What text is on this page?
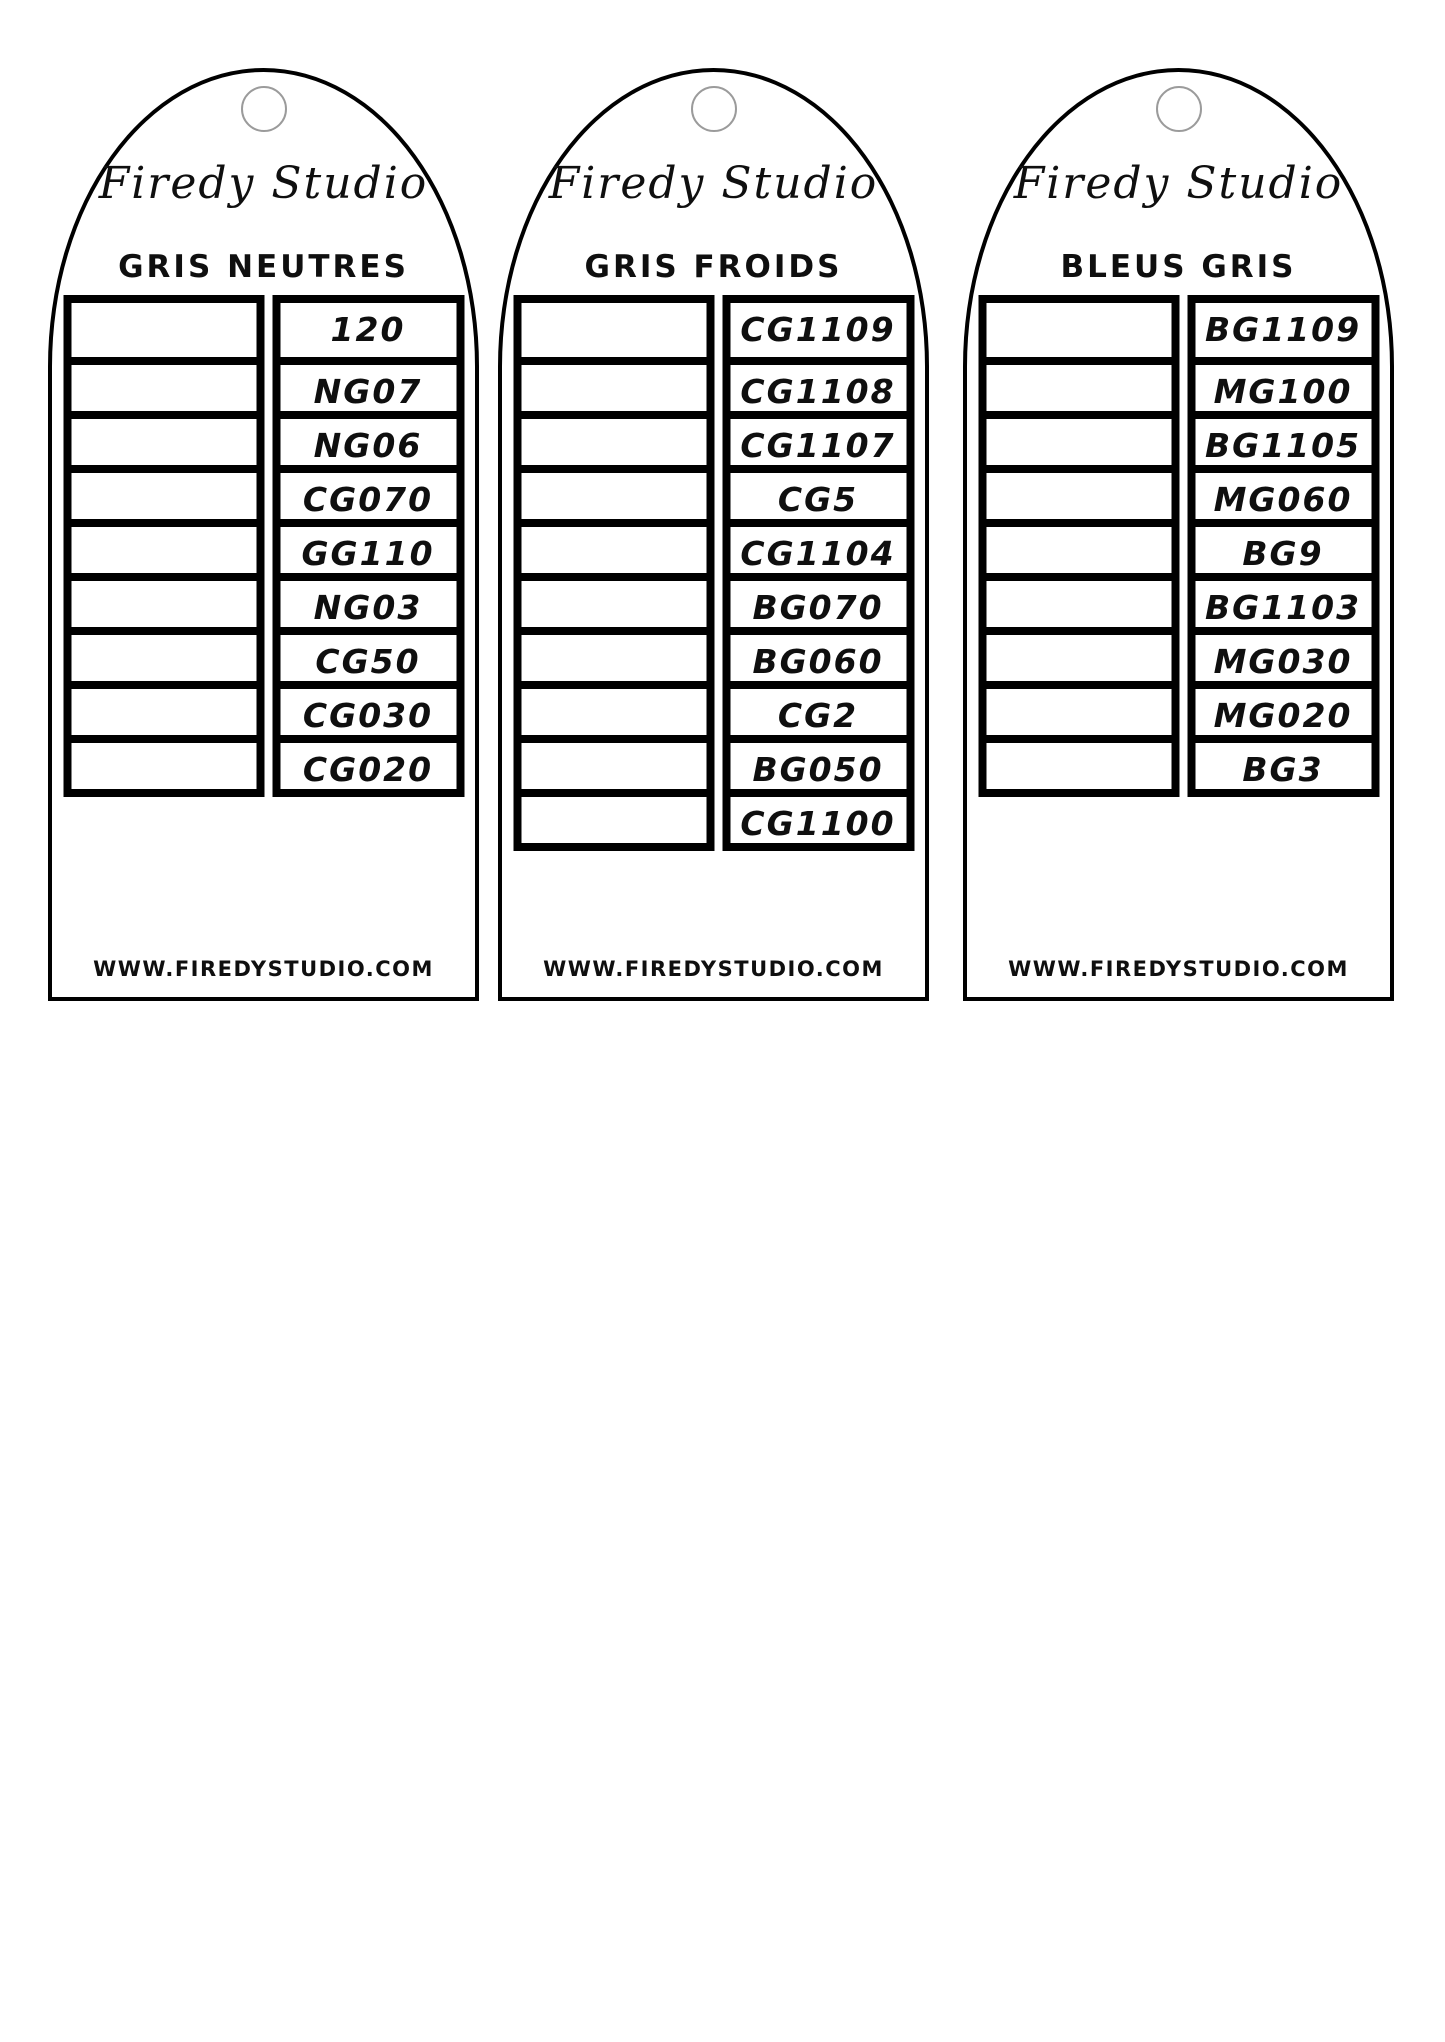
Firedy Studio
GRIS NEUTRES
120
NG07
NG06
CG070
GG110
NG03
CG50
CG030
CG020
WWW.FIREDYSTUDIO.COM
Firedy Studio
GRIS FROIDS
CG1109
CG1108
CG1107
CG5
CG1104
BG070
BG060
CG2
BG050
CG1100
WWW.FIREDYSTUDIO.COM
Firedy Studio
BLEUS GRIS
BG1109
MG100
BG1105
MG060
BG9
BG1103
MG030
MG020
BG3
WWW.FIREDYSTUDIO.COM
